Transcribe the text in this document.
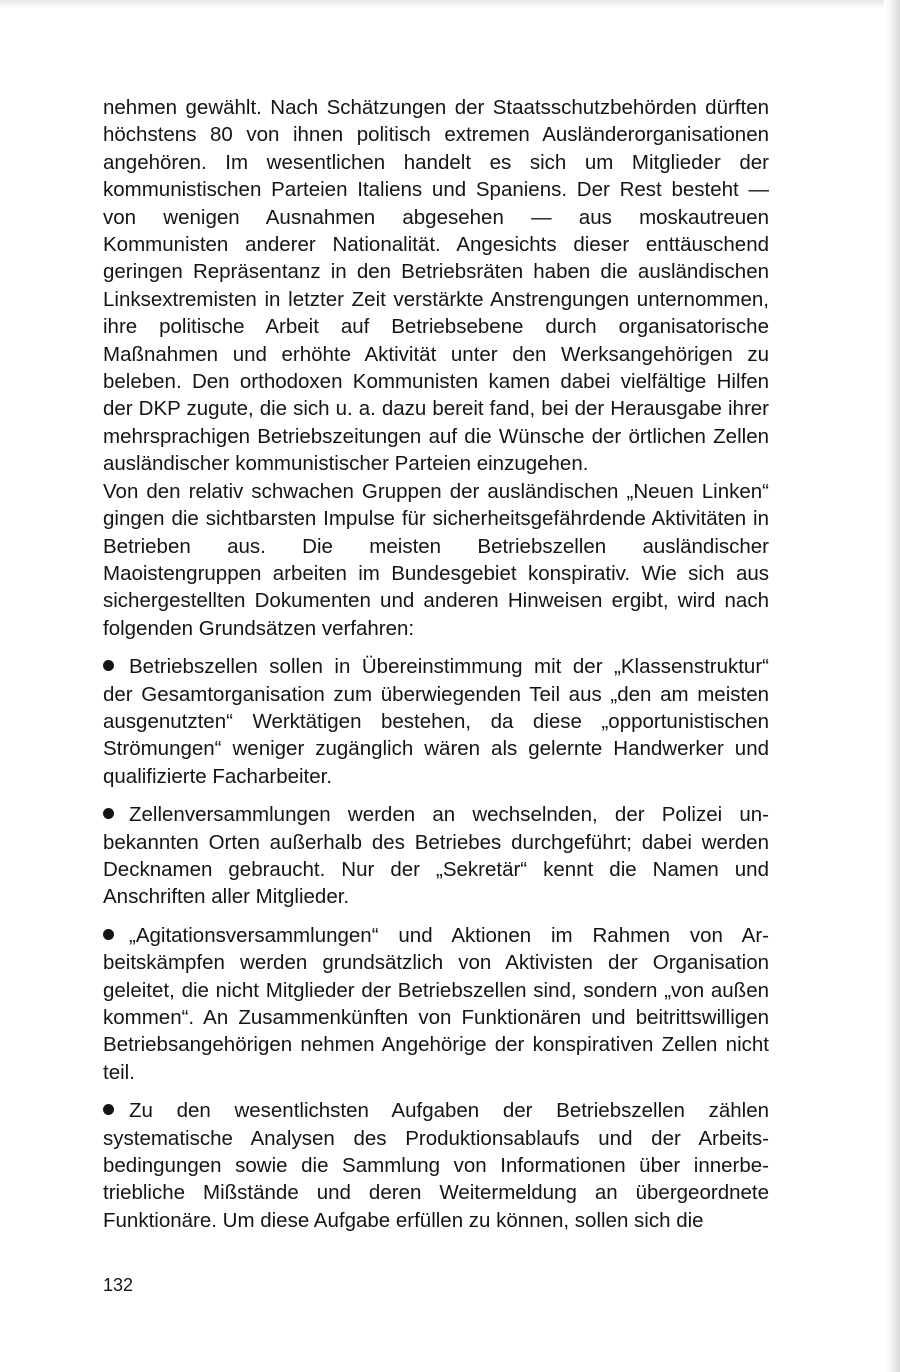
nehmen gewählt. Nach Schätzungen der Staatsschutzbehörden dürften höchstens 80 von ihnen politisch extremen Ausländerorganisationen angehören. Im wesentlichen handelt es sich um Mitglieder der kommunistischen Parteien Italiens und Spaniens. Der Rest besteht — von wenigen Ausnahmen abgesehen — aus moskautreuen Kommunisten anderer Nationalität. Angesichts dieser enttäuschend geringen Repräsentanz in den Betriebsräten haben die ausländischen Linksextremisten in letzter Zeit verstärkte Anstrengungen unternommen, ihre politische Arbeit auf Betriebsebene durch organisatorische Maßnahmen und erhöhte Aktivität unter den Werksangehörigen zu beleben. Den orthodoxen Kommunisten kamen dabei vielfältige Hilfen der DKP zugute, die sich u. a. dazu bereit fand, bei der Herausgabe ihrer mehrsprachigen Betriebszeitungen auf die Wünsche der örtlichen Zellen ausländischer kommunistischer Parteien einzugehen.

Von den relativ schwachen Gruppen der ausländischen „Neuen Linken“ gingen die sichtbarsten Impulse für sicherheitsgefährdende Aktivitäten in Betrieben aus. Die meisten Betriebszellen ausländischer Maoistengruppen arbeiten im Bundesgebiet konspirativ. Wie sich aus sichergestellten Dokumenten und anderen Hinweisen ergibt, wird nach folgenden Grundsätzen verfahren:

Betriebszellen sollen in Übereinstimmung mit der „Klassenstruktur“ der Gesamtorganisation zum überwiegenden Teil aus „den am meisten ausgenutzten“ Werktätigen bestehen, da diese „opportunistischen Strömungen“ weniger zugänglich wären als gelernte Handwerker und qualifizierte Facharbeiter.

Zellenversammlungen werden an wechselnden, der Polizei unbekannten Orten außerhalb des Betriebes durchgeführt; dabei werden Decknamen gebraucht. Nur der „Sekretär“ kennt die Namen und Anschriften aller Mitglieder.

„Agitationsversammlungen“ und Aktionen im Rahmen von Arbeitskämpfen werden grundsätzlich von Aktivisten der Organisation geleitet, die nicht Mitglieder der Betriebszellen sind, sondern „von außen kommen“. An Zusammenkünften von Funktionären und beitrittswilligen Betriebsangehörigen nehmen Angehörige der konspirativen Zellen nicht teil.

Zu den wesentlichsten Aufgaben der Betriebszellen zählen systematische Analysen des Produktionsablaufs und der Arbeitsbedingungen sowie die Sammlung von Informationen über innerbetriebliche Mißstände und deren Weitermeldung an übergeordnete Funktionäre. Um diese Aufgabe erfüllen zu können, sollen sich die

132
